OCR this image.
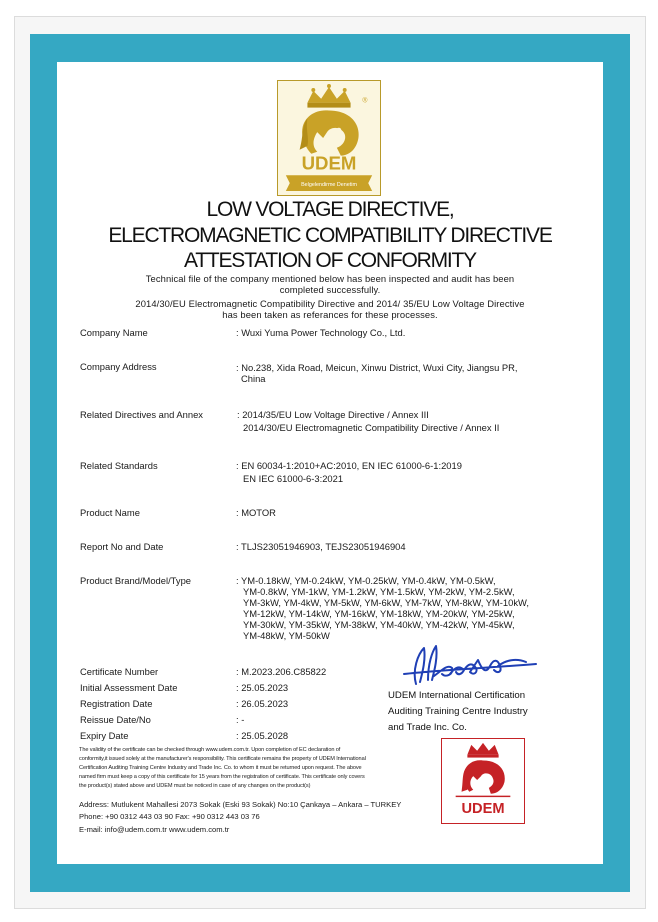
®
UDEM
Belgelendirme Denetim
LOW VOLTAGE DIRECTIVE,
ELECTROMAGNETIC COMPATIBILITY DIRECTIVE
ATTESTATION OF CONFORMITY
Technical file of the company mentioned below has been inspected and audit has been
completed successfully.
2014/30/EU Electromagnetic Compatibility Directive and 2014/ 35/EU Low Voltage Directive
has been taken as referances for these processes.
Company Name	: Wuxi Yuma Power Technology Co., Ltd.
Company Address	: No.238, Xida Road, Meicun, Xinwu District, Wuxi City, Jiangsu PR,
China
Related Directives and Annex	: 2014/35/EU Low Voltage Directive / Annex III
2014/30/EU Electromagnetic Compatibility Directive / Annex II
Related Standards	: EN 60034-1:2010+AC:2010, EN IEC 61000-6-1:2019
EN IEC 61000-6-3:2021
Product Name	: MOTOR
Report No and Date	: TLJS23051946903, TEJS23051946904
Product Brand/Model/Type	: YM-0.18kW, YM-0.24kW, YM-0.25kW, YM-0.4kW, YM-0.5kW,
YM-0.8kW, YM-1kW, YM-1.2kW, YM-1.5kW, YM-2kW, YM-2.5kW,
YM-3kW, YM-4kW, YM-5kW, YM-6kW, YM-7kW, YM-8kW, YM-10kW,
YM-12kW, YM-14kW, YM-16kW, YM-18kW, YM-20kW, YM-25kW,
YM-30kW, YM-35kW, YM-38kW, YM-40kW, YM-42kW, YM-45kW,
YM-48kW, YM-50kW
Certificate Number	: M.2023.206.C85822
Initial Assessment Date	: 25.05.2023
Registration Date	: 26.05.2023
Reissue Date/No	: -
Expiry Date	: 25.05.2028
UDEM International Certification
Auditing Training Centre Industry
and Trade Inc. Co.
The validity of the certificate can be checked through www.udem.com.tr. Upon completion of EC declaration of
conformity,it issued solely at the manufacturer's responsibility. This certificate remains the property of UDEM International
Certification Auditing Training Centre Industry and Trade Inc. Co. to whom it must be returned upon request. The above
named firm must keep a copy of this certificate for 15 years from the registration of certificate. This certificate only covers
the product(s) stated above and UDEM must be noticed in case of any changes on the product(s)
Address: Mutlukent Mahallesi 2073 Sokak (Eski 93 Sokak) No:10 Çankaya – Ankara – TURKEY
Phone: +90 0312 443 03 90 Fax: +90 0312 443 03 76
E-mail: info@udem.com.tr www.udem.com.tr
UDEM
